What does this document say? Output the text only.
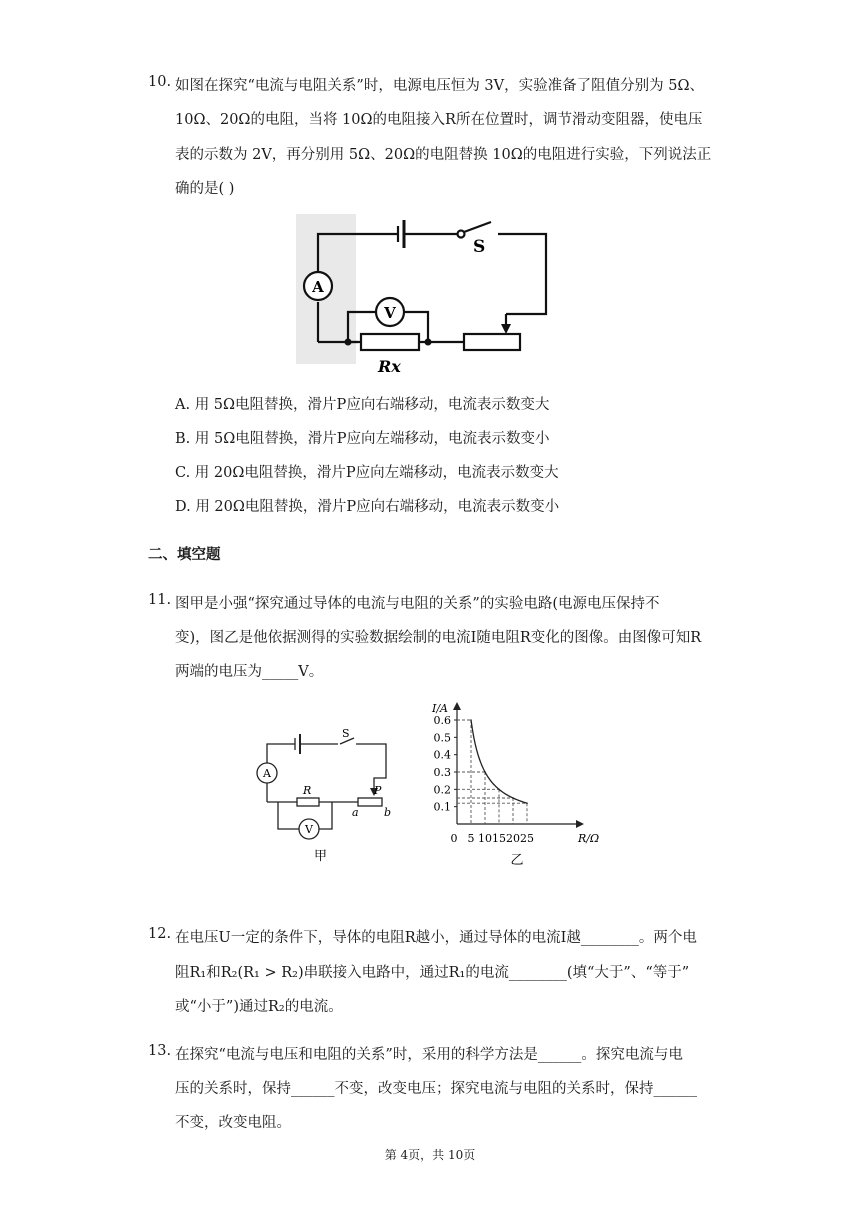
10. 如图在探究“电流与电阻关系”时，电源电压恒为 3V，实验准备了阻值分别为 5Ω、
10Ω、20Ω的电阻，当将 10Ω的电阻接入R所在位置时，调节滑动变阻器，使电压
表的示数为 2V，再分别用 5Ω、20Ω的电阻替换 10Ω的电阻进行实验，下列说法正
确的是( )
A
V
S
Rx
A. 用 5Ω电阻替换，滑片P应向右端移动，电流表示数变大
B. 用 5Ω电阻替换，滑片P应向左端移动，电流表示数变小
C. 用 20Ω电阻替换，滑片P应向左端移动，电流表示数变大
D. 用 20Ω电阻替换，滑片P应向右端移动，电流表示数变小
二、填空题
11. 图甲是小强“探究通过导体的电流与电阻的关系”的实验电路(电源电压保持不
变)，图乙是他依据测得的实验数据绘制的电流I随电阻R变化的图像。由图像可知R
两端的电压为_____V。
A
V
S
R	P
a b
甲
0.6
0.5
0.4
0.3
0.2
0.1
5 10 15 20 25
I/A
R/Ω
0
乙
12. 在电压U一定的条件下，导体的电阻R越小，通过导体的电流I越________。两个电
阻R₁和R₂(R₁ > R₂)串联接入电路中，通过R₁的电流________(填“大于”、“等于”
或“小于”)通过R₂的电流。
13. 在探究“电流与电压和电阻的关系”时，采用的科学方法是______。探究电流与电
压的关系时，保持______不变，改变电压；探究电流与电阻的关系时，保持______
不变，改变电阻。
第 4页，共 10页
